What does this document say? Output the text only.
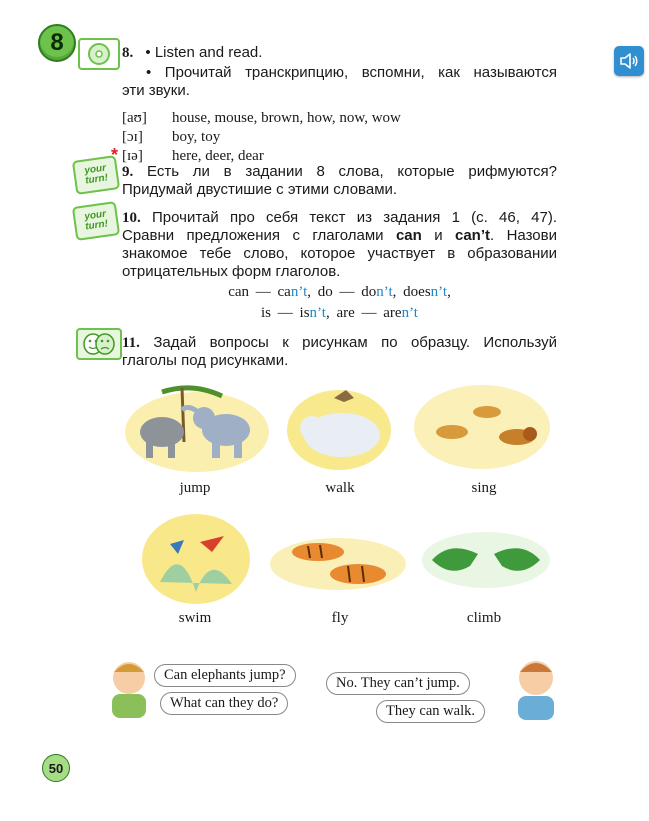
8	8. • Listen and read.
• Прочитай транскрипцию, вспомни, как называются
эти звуки.
[aʊ]	house, mouse, brown, how, now, wow
[ɔɪ]	boy, toy
[ɪə]	here, deer, dear
your turn!
*
9. Есть ли в задании 8 слова, которые рифмуются?
Придумай двустишие с этими словами.
your turn! 10. Прочитай про себя текст из задания 1 (с. 46, 47).
Сравни предложения с глаголами can и can’t. Назови
знакомое тебе слово, которое участвует в образовании
отрицательных форм глаголов.
can — can’t, do — don’t, doesn’t,
is — isn’t, are — aren’t
11. Задай вопросы к рисункам по образцу. Используй
глаголы под рисунками.
jump	walk	sing
swim	fly	climb
Can elephants jump?
What can they do?
No. They can’t jump.
They can walk.
50
